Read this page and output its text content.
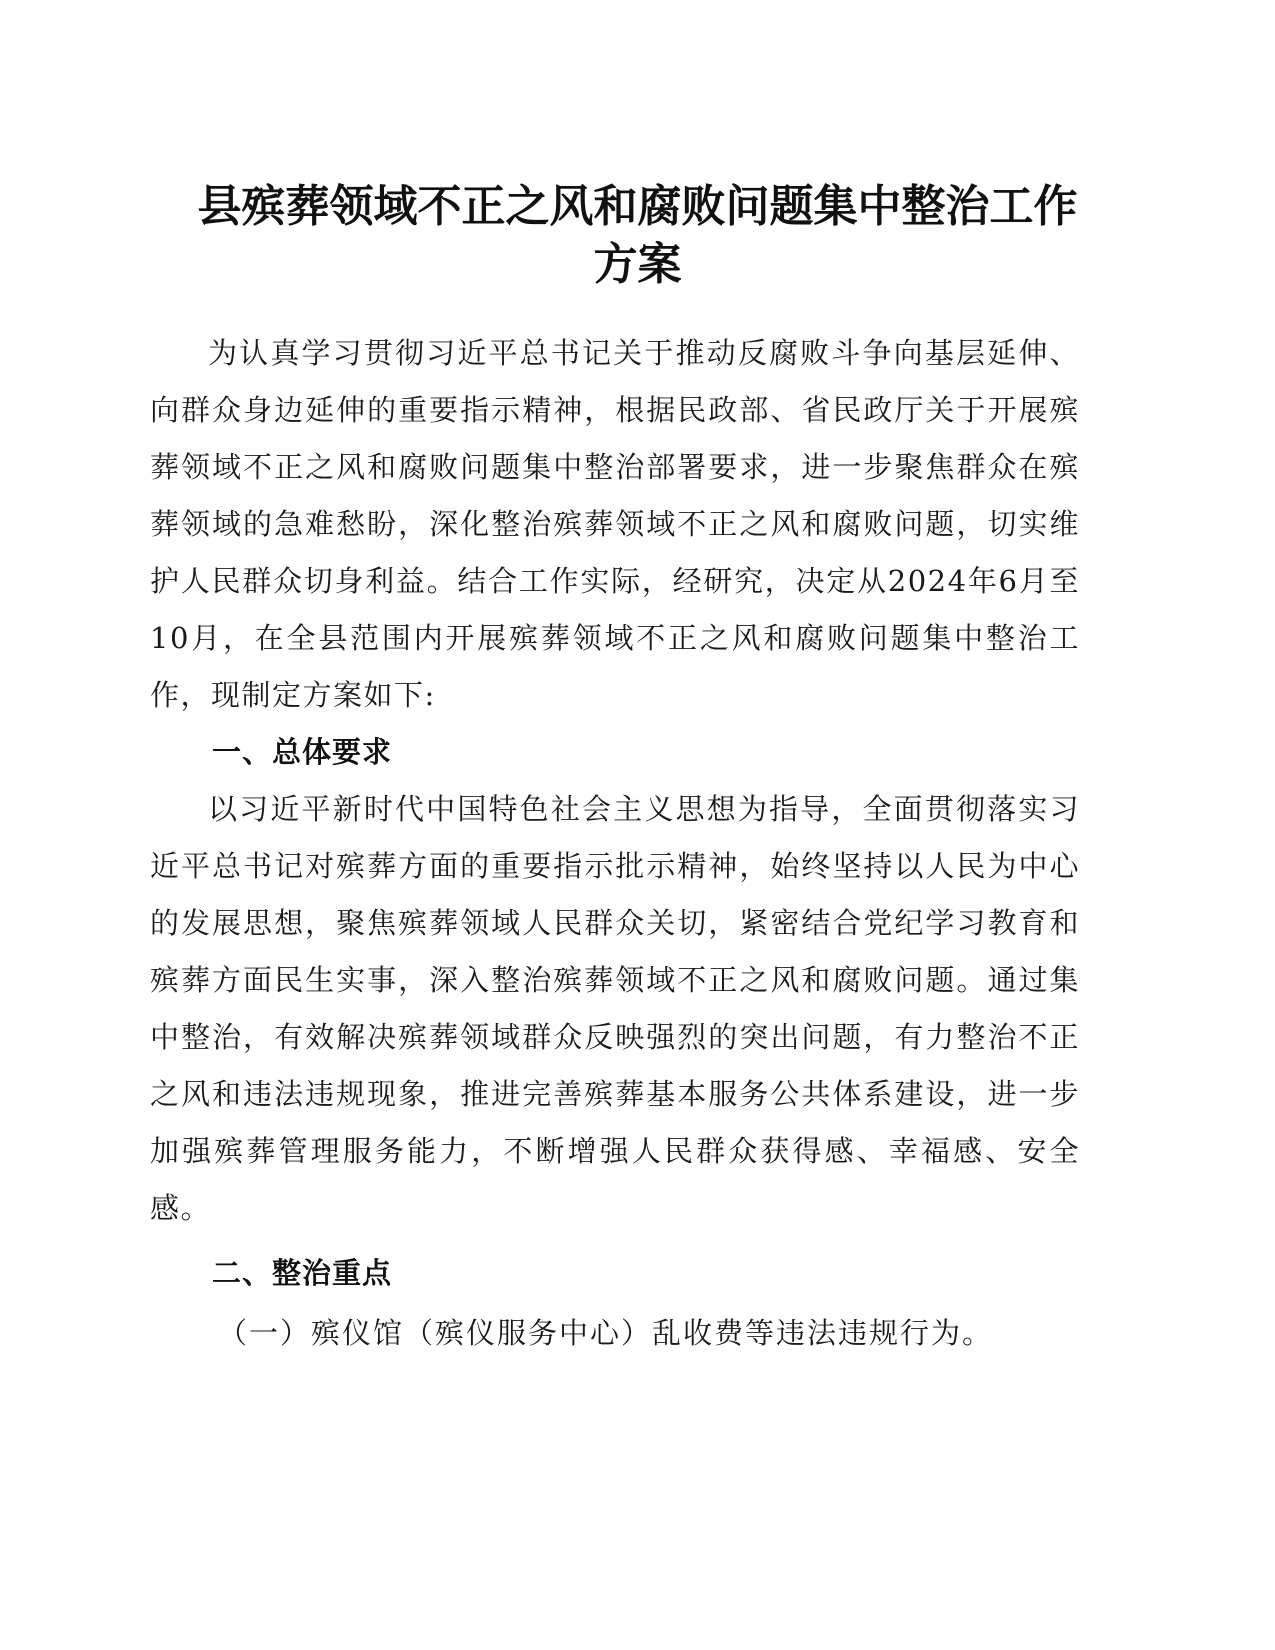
县殡葬领域不正之风和腐败问题集中整治工作
方案

为认真学习贯彻习近平总书记关于推动反腐败斗争向基层延伸、向群众身边延伸的重要指示精神，根据民政部、省民政厅关于开展殡葬领域不正之风和腐败问题集中整治部署要求，进一步聚焦群众在殡葬领域的急难愁盼，深化整治殡葬领域不正之风和腐败问题，切实维护人民群众切身利益。结合工作实际，经研究，决定从2024年6月至10月，在全县范围内开展殡葬领域不正之风和腐败问题集中整治工作，现制定方案如下:

一、总体要求

以习近平新时代中国特色社会主义思想为指导，全面贯彻落实习近平总书记对殡葬方面的重要指示批示精神，始终坚持以人民为中心的发展思想，聚焦殡葬领域人民群众关切，紧密结合党纪学习教育和殡葬方面民生实事，深入整治殡葬领域不正之风和腐败问题。通过集中整治，有效解决殡葬领域群众反映强烈的突出问题，有力整治不正之风和违法违规现象，推进完善殡葬基本服务公共体系建设，进一步加强殡葬管理服务能力，不断增强人民群众获得感、幸福感、安全感。

二、整治重点

（一）殡仪馆（殡仪服务中心）乱收费等违法违规行为。
